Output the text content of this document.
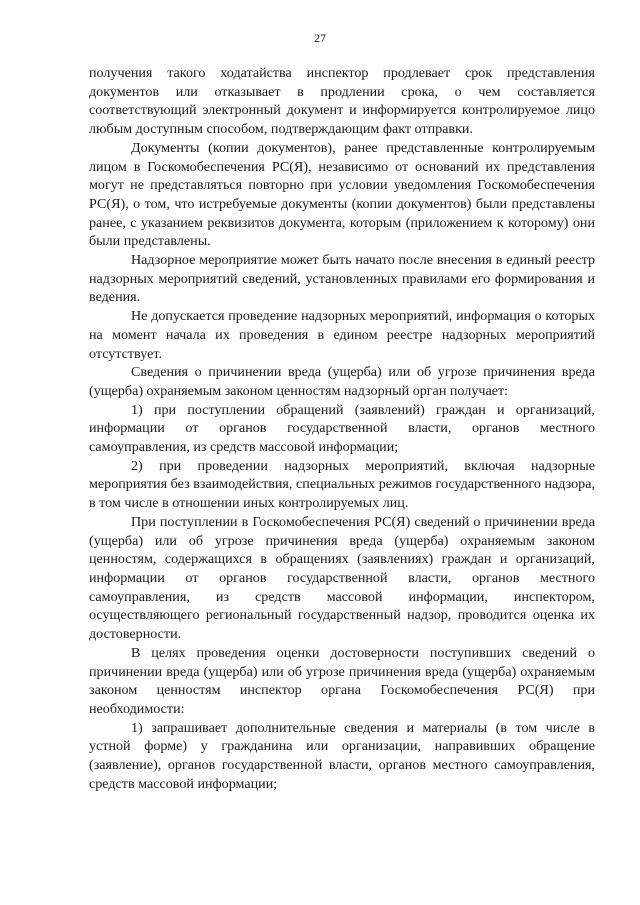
27

получения такого ходатайства инспектор продлевает срок представления документов или отказывает в продлении срока, о чем составляется соответствующий электронный документ и информируется контролируемое лицо любым доступным способом, подтверждающим факт отправки.

Документы (копии документов), ранее представленные контролируемым лицом в Госкомобеспечения РС(Я), независимо от оснований их представления могут не представляться повторно при условии уведомления Госкомобеспечения РС(Я), о том, что истребуемые документы (копии документов) были представлены ранее, с указанием реквизитов документа, которым (приложением к которому) они были представлены.

Надзорное мероприятие может быть начато после внесения в единый реестр надзорных мероприятий сведений, установленных правилами его формирования и ведения.

Не допускается проведение надзорных мероприятий, информация о которых на момент начала их проведения в едином реестре надзорных мероприятий отсутствует.

Сведения о причинении вреда (ущерба) или об угрозе причинения вреда (ущерба) охраняемым законом ценностям надзорный орган получает:

1) при поступлении обращений (заявлений) граждан и организаций, информации от органов государственной власти, органов местного самоуправления, из средств массовой информации;

2) при проведении надзорных мероприятий, включая надзорные мероприятия без взаимодействия, специальных режимов государственного надзора, в том числе в отношении иных контролируемых лиц.

При поступлении в Госкомобеспечения РС(Я) сведений о причинении вреда (ущерба) или об угрозе причинения вреда (ущерба) охраняемым законом ценностям, содержащихся в обращениях (заявлениях) граждан и организаций, информации от органов государственной власти, органов местного самоуправления, из средств массовой информации, инспектором, осуществляющего региональный государственный надзор, проводится оценка их достоверности.

В целях проведения оценки достоверности поступивших сведений о причинении вреда (ущерба) или об угрозе причинения вреда (ущерба) охраняемым законом ценностям инспектор органа Госкомобеспечения РС(Я) при необходимости:

1) запрашивает дополнительные сведения и материалы (в том числе в устной форме) у гражданина или организации, направивших обращение (заявление), органов государственной власти, органов местного самоуправления, средств массовой информации;
